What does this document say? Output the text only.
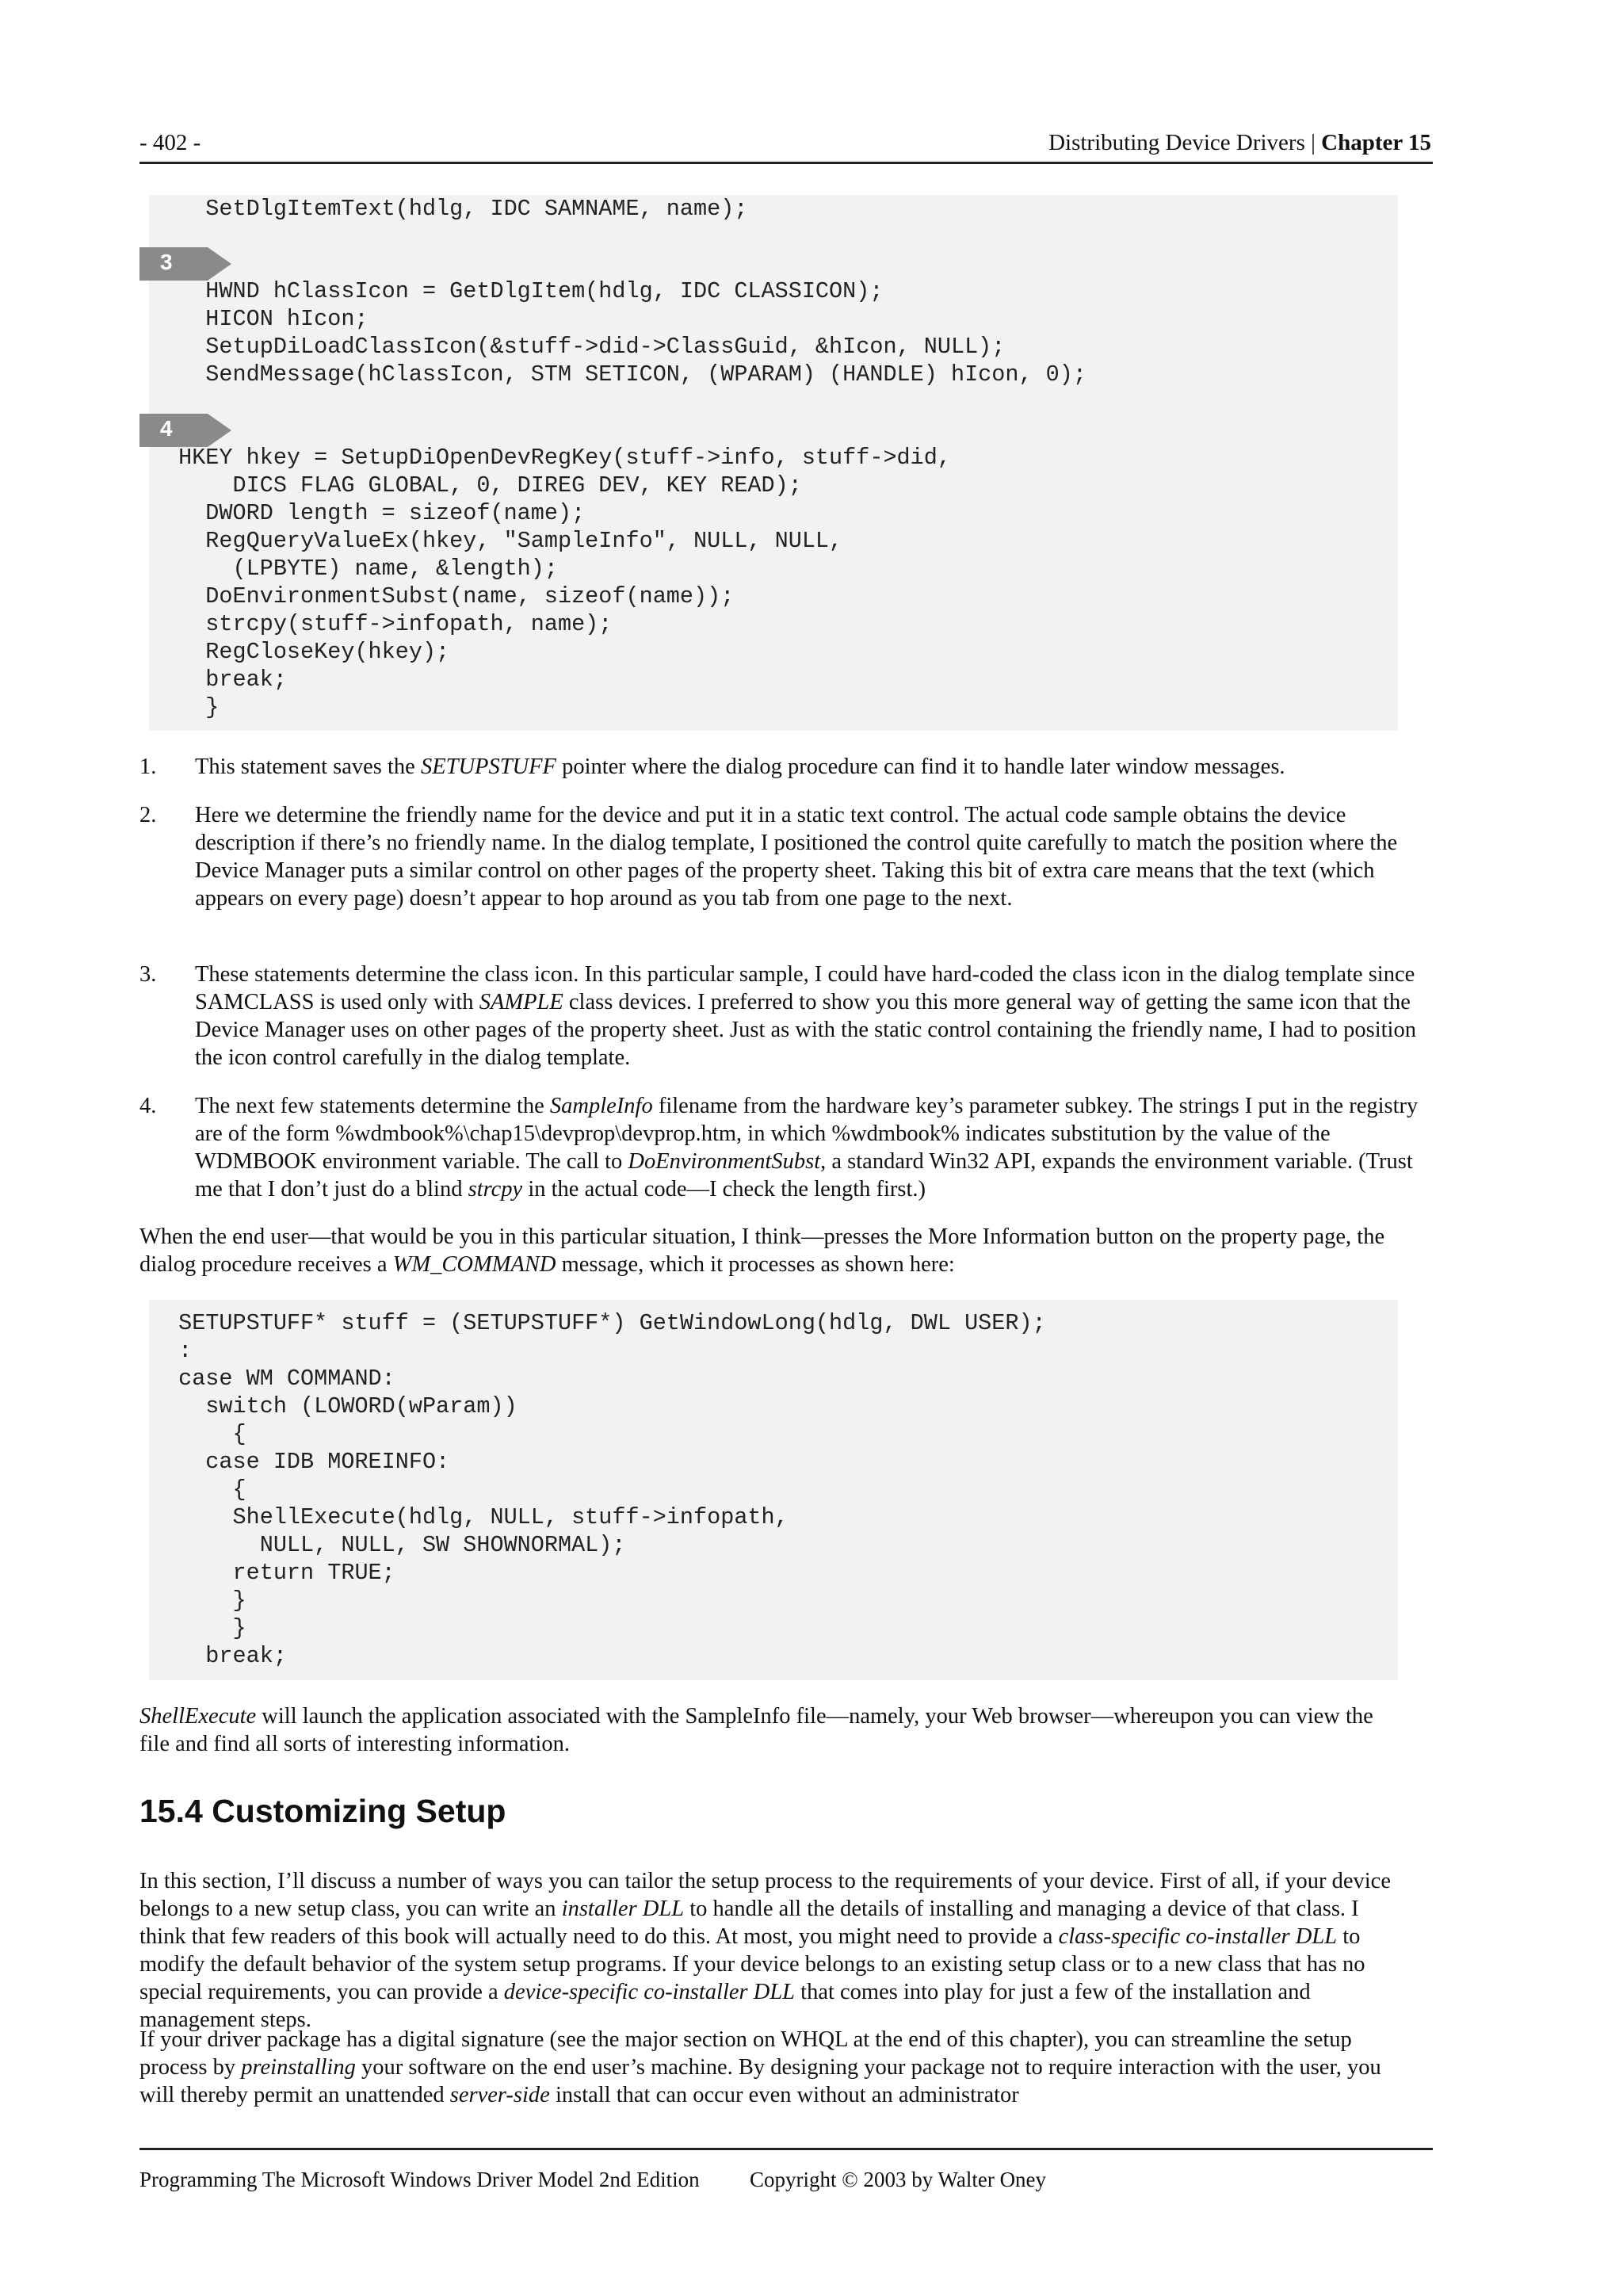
- 402 -	Distributing Device Drivers | Chapter 15
SetDlgItemText(hdlg, IDC SAMNAME, name);
3
HWND hClassIcon = GetDlgItem(hdlg, IDC CLASSICON);
HICON hIcon;
SetupDiLoadClassIcon(&stuff->did->ClassGuid, &hIcon, NULL);
SendMessage(hClassIcon, STM SETICON, (WPARAM) (HANDLE) hIcon, 0);
4
HKEY hkey = SetupDiOpenDevRegKey(stuff->info, stuff->did,
DICS FLAG GLOBAL, 0, DIREG DEV, KEY READ);
DWORD length = sizeof(name);
RegQueryValueEx(hkey, "SampleInfo", NULL, NULL,
(LPBYTE) name, &length);
DoEnvironmentSubst(name, sizeof(name));
strcpy(stuff->infopath, name);
RegCloseKey(hkey);
break;
}
1. This statement saves the SETUPSTUFF pointer where the dialog procedure can find it to handle later window messages.
2. Here we determine the friendly name for the device and put it in a static text control. The actual code sample obtains the device description if there’s no friendly name. In the dialog template, I positioned the control quite carefully to match the position where the Device Manager puts a similar control on other pages of the property sheet. Taking this bit of extra care means that the text (which appears on every page) doesn’t appear to hop around as you tab from one page to the next.
3. These statements determine the class icon. In this particular sample, I could have hard-coded the class icon in the dialog template since SAMCLASS is used only with SAMPLE class devices. I preferred to show you this more general way of getting the same icon that the Device Manager uses on other pages of the property sheet. Just as with the static control containing the friendly name, I had to position the icon control carefully in the dialog template.
4. The next few statements determine the SampleInfo filename from the hardware key’s parameter subkey. The strings I put in the registry are of the form %wdmbook%\chap15\devprop\devprop.htm, in which %wdmbook% indicates substitution by the value of the WDMBOOK environment variable. The call to DoEnvironmentSubst, a standard Win32 API, expands the environment variable. (Trust me that I don’t just do a blind strcpy in the actual code—I check the length first.)
When the end user—that would be you in this particular situation, I think—presses the More Information button on the property page, the dialog procedure receives a WM_COMMAND message, which it processes as shown here:
SETUPSTUFF* stuff = (SETUPSTUFF*) GetWindowLong(hdlg, DWL USER);
:
case WM COMMAND:
switch (LOWORD(wParam))
{
case IDB MOREINFO:
{
ShellExecute(hdlg, NULL, stuff->infopath,
NULL, NULL, SW SHOWNORMAL);
return TRUE;
}
}
break;
ShellExecute will launch the application associated with the SampleInfo file—namely, your Web browser—whereupon you can view the file and find all sorts of interesting information.
15.4 Customizing Setup
In this section, I’ll discuss a number of ways you can tailor the setup process to the requirements of your device. First of all, if your device belongs to a new setup class, you can write an installer DLL to handle all the details of installing and managing a device of that class. I think that few readers of this book will actually need to do this. At most, you might need to provide a class-specific co-installer DLL to modify the default behavior of the system setup programs. If your device belongs to an existing setup class or to a new class that has no special requirements, you can provide a device-specific co-installer DLL that comes into play for just a few of the installation and management steps.
If your driver package has a digital signature (see the major section on WHQL at the end of this chapter), you can streamline the setup process by preinstalling your software on the end user’s machine. By designing your package not to require interaction with the user, you will thereby permit an unattended server-side install that can occur even without an administrator
Programming The Microsoft Windows Driver Model 2nd Edition Copyright © 2003 by Walter Oney
